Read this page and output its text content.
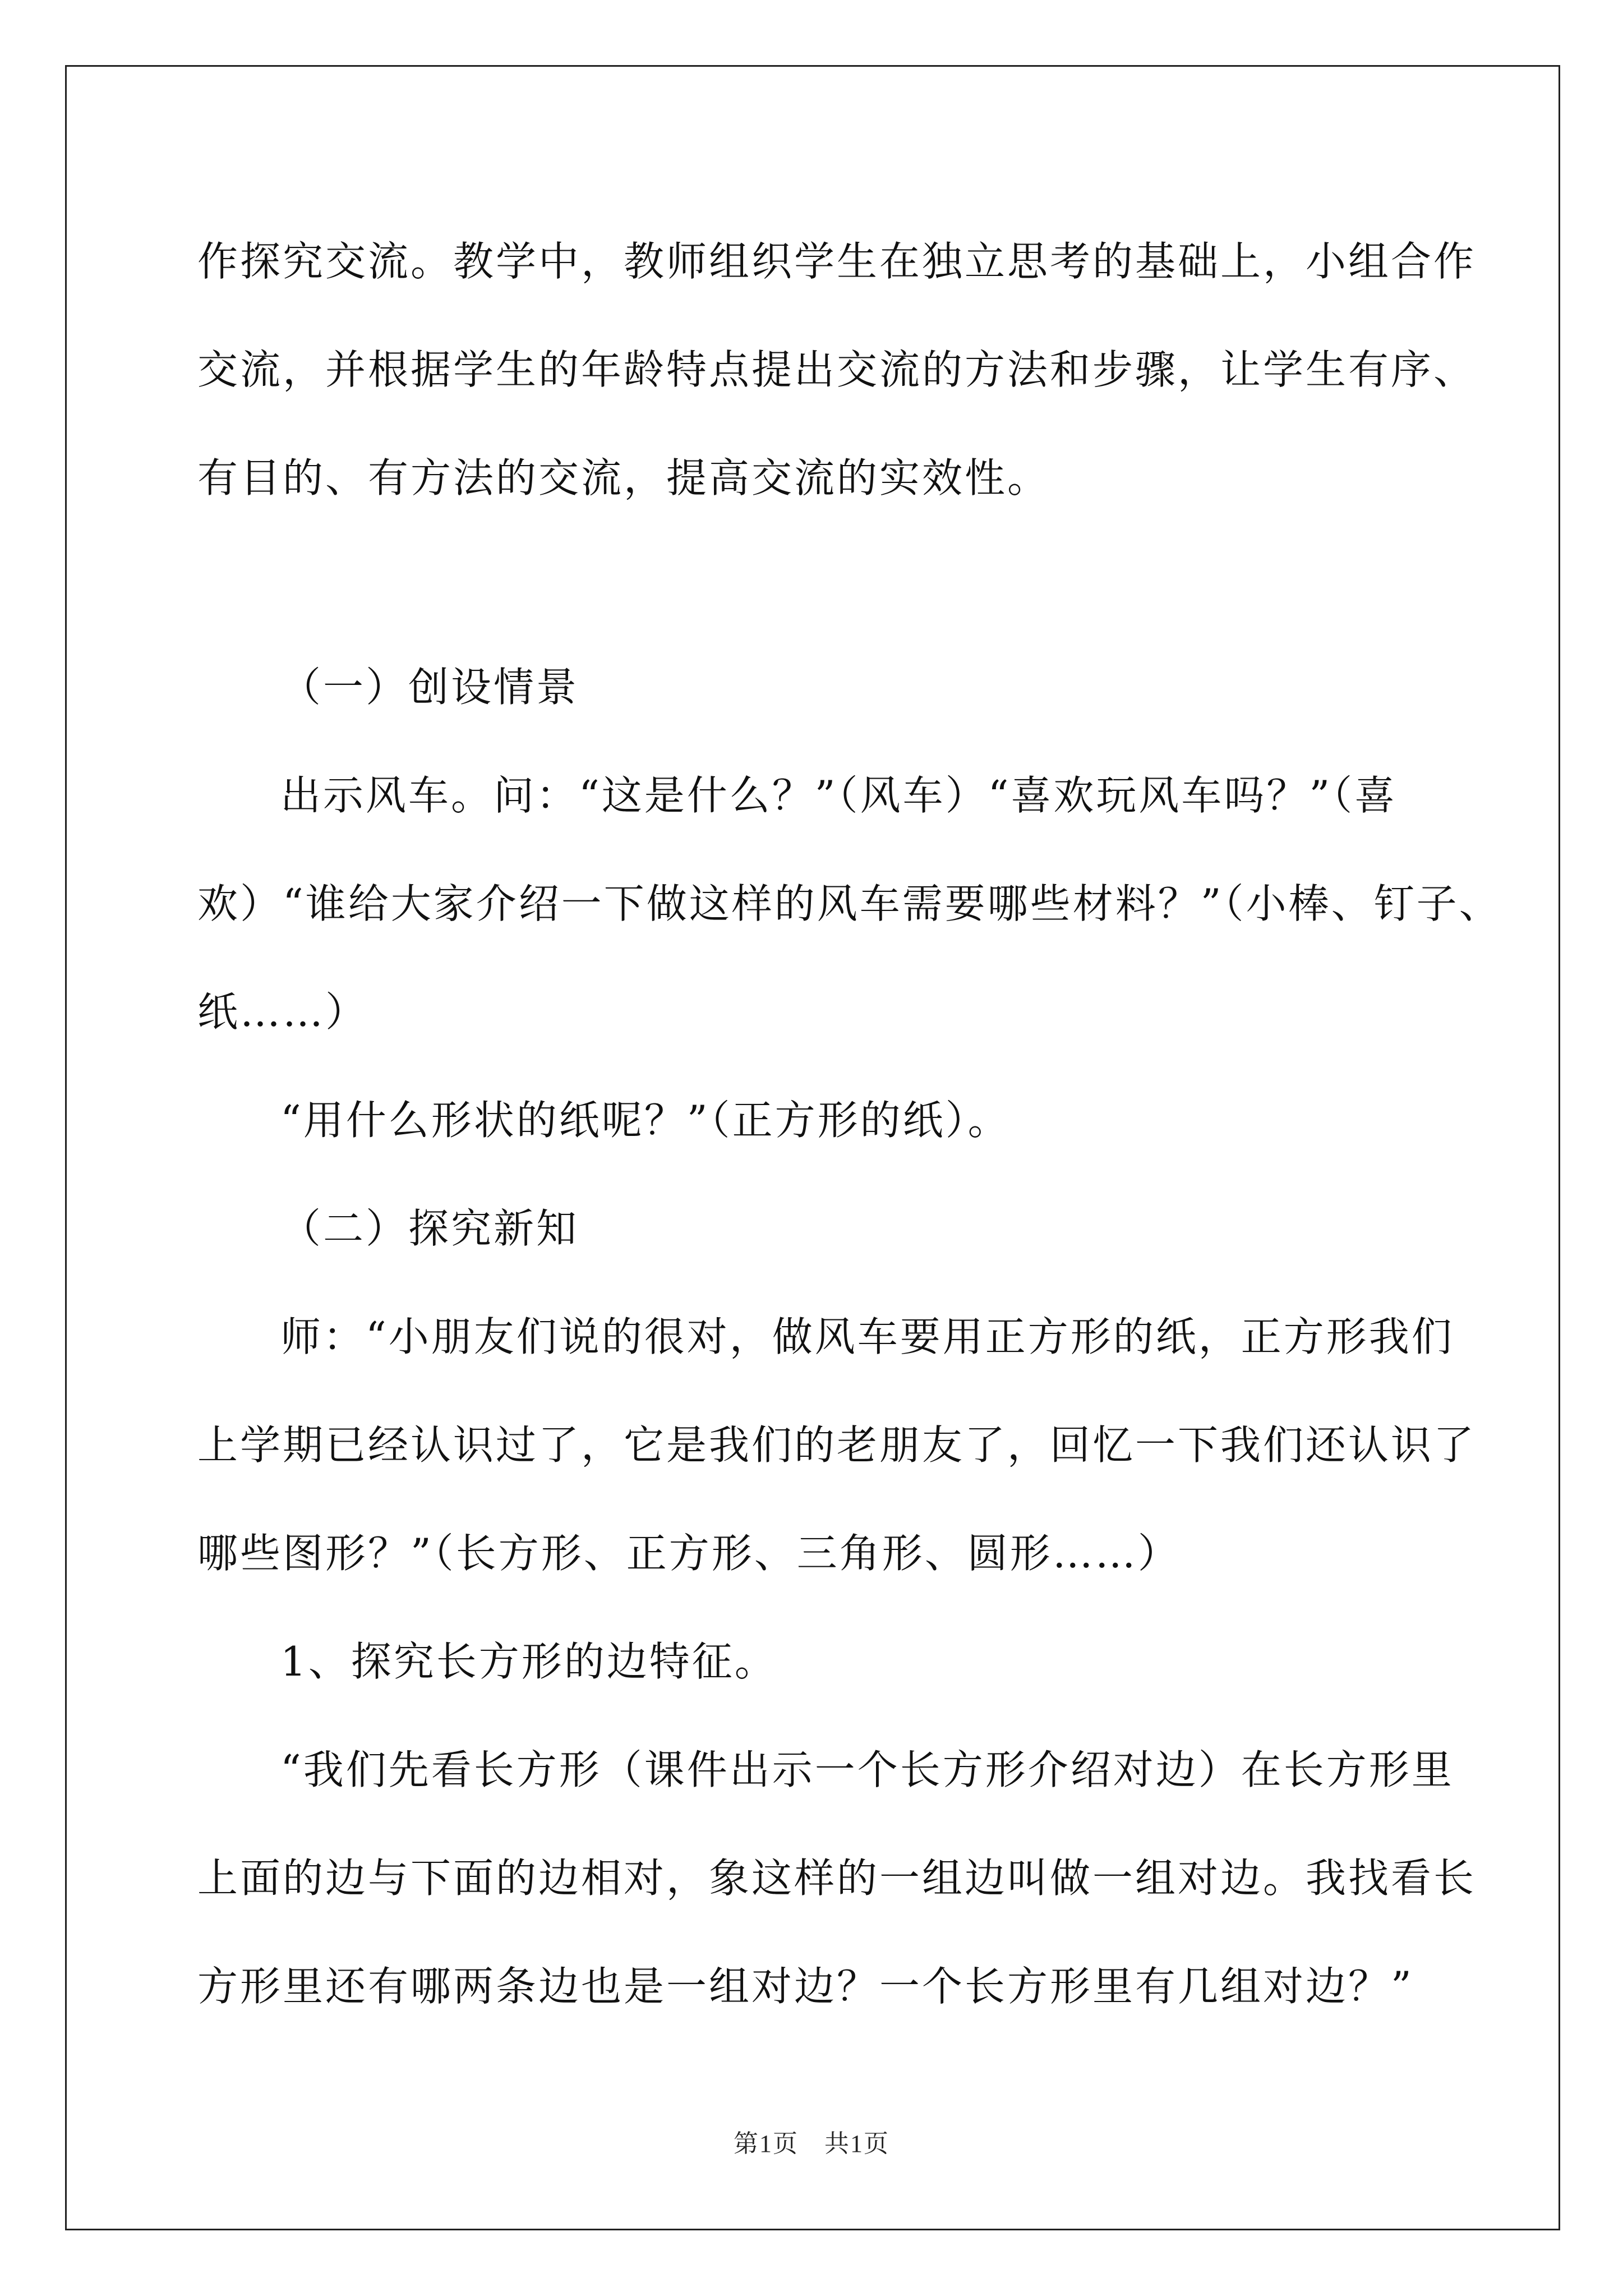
作探究交流。教学中，教师组织学生在独立思考的基础上，小组合作

交流，并根据学生的年龄特点提出交流的方法和步骤，让学生有序、

有目的、有方法的交流，提高交流的实效性。

（一）创设情景

出示风车。问：“这是什么？”（风车）“喜欢玩风车吗？”（喜

欢）“谁给大家介绍一下做这样的风车需要哪些材料？”（小棒、钉子、

纸……）

“用什么形状的纸呢？”（正方形的纸）。

（二）探究新知

师：“小朋友们说的很对，做风车要用正方形的纸，正方形我们

上学期已经认识过了，它是我们的老朋友了，回忆一下我们还认识了

哪些图形？”（长方形、正方形、三角形、圆形……）

1、探究长方形的边特征。

“我们先看长方形（课件出示一个长方形介绍对边）在长方形里

上面的边与下面的边相对，象这样的一组边叫做一组对边。我找看长

方形里还有哪两条边也是一组对边？一个长方形里有几组对边？”

第1页　共1页
